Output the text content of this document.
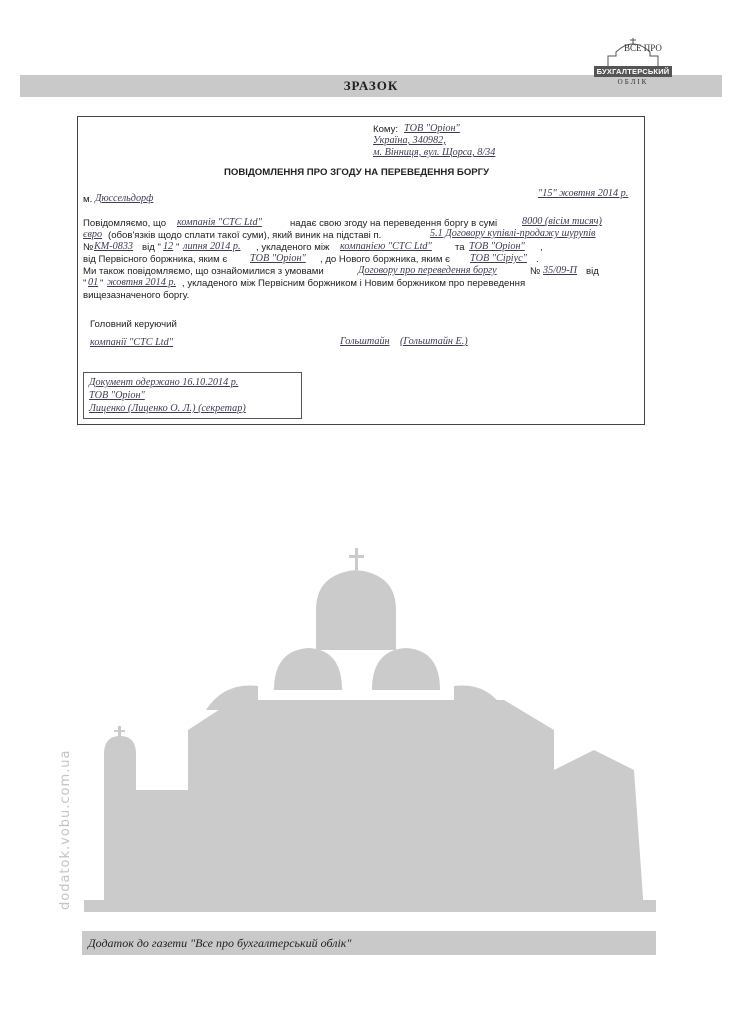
ЗРАЗОК
ВСЕ ПРО
БУХГАЛТЕРСЬКИЙ
ОБЛІК
Кому: ТОВ "Оріон"
Україна, 340982,
м. Вінниця, вул. Щорса, 8/34
ПОВІДОМЛЕННЯ ПРО ЗГОДУ НА ПЕРЕВЕДЕННЯ БОРГУ
м. Дюссельдорф	"15" жовтня 2014 р.
Повідомляємо, що компанія "СТС Ltd"	надає свою згоду на переведення боргу в сумі 8000 (вісім тисяч)
євро (обов'язків щодо сплати такої суми), який виник на підставі п.	5.1 Договору купівлі-продажу шурупів
№ КМ-0833 від " 12 " липня 2014 р. , укладеного між компанією "СТС Ltd" та ТОВ "Оріон" ,
від Первісного боржника, яким є ТОВ "Оріон" , до Нового боржника, яким є ТОВ "Сіріус" .
Ми також повідомляємо, що ознайомилися з умовами	Договору про переведення боргу	№ 35/09-П від
" 01 " жовтня 2014 р. , укладеного між Первісним боржником і Новим боржником про переведення
вищезазначеного боргу.
Головний керуючий
компанії "СТС Ltd"	Гольштайн (Гольштайн Е.)
Документ одержано 16.10.2014 р.
ТОВ "Оріон"
Лиценко (Лиценко О. Л.) (секретар)
dodatok.vobu.com.ua
Додаток до газети "Все про бухгалтерський облік"
